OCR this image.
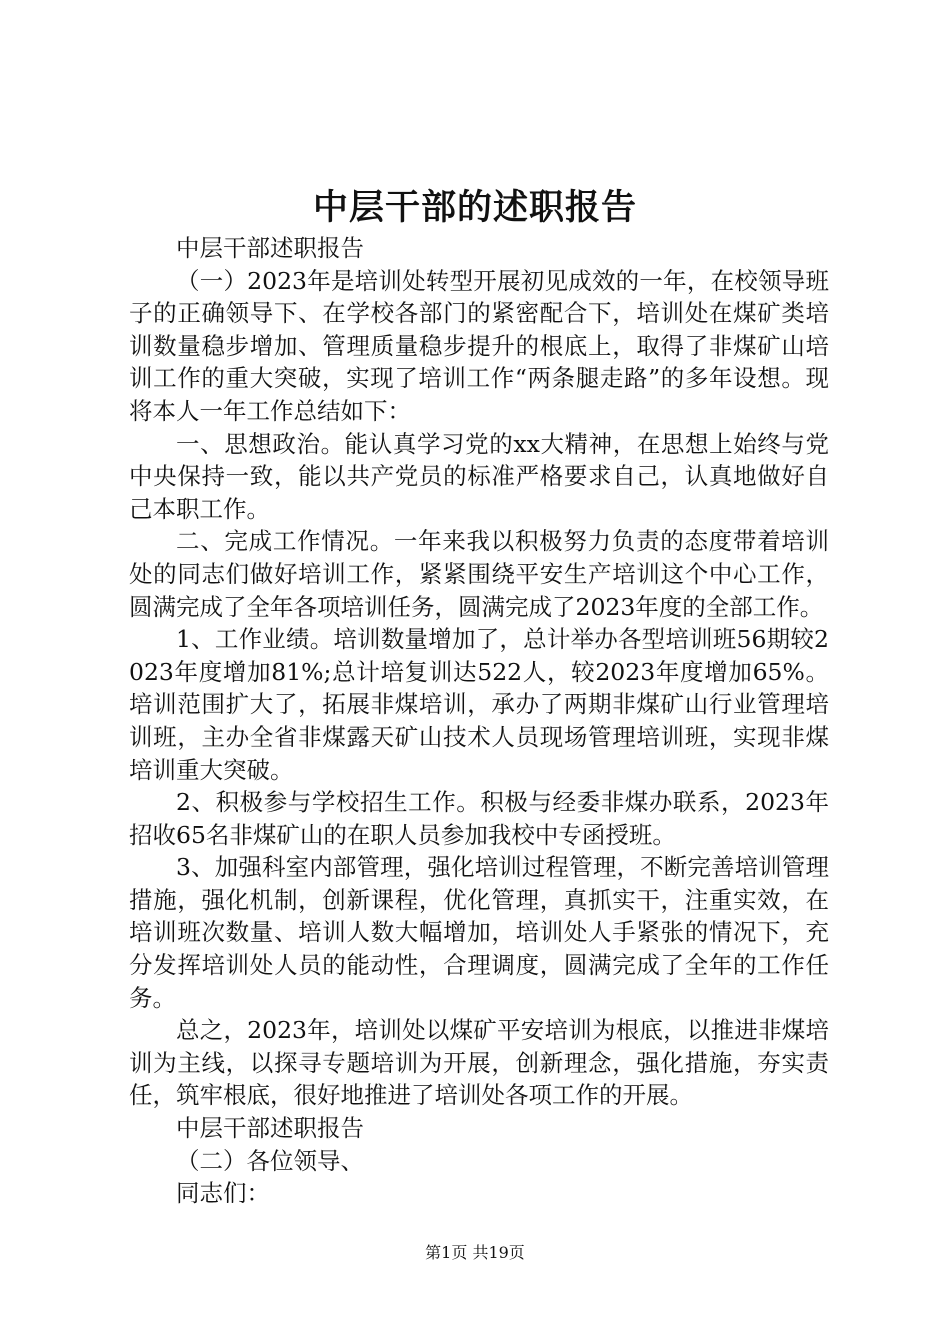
中层干部的述职报告

中层干部述职报告

（一）2023年是培训处转型开展初见成效的一年，在校领导班子的正确领导下、在学校各部门的紧密配合下，培训处在煤矿类培训数量稳步增加、管理质量稳步提升的根底上，取得了非煤矿山培训工作的重大突破，实现了培训工作“两条腿走路”的多年设想。现将本人一年工作总结如下：

一、思想政治。能认真学习党的xx大精神，在思想上始终与党中央保持一致，能以共产党员的标准严格要求自己，认真地做好自己本职工作。

二、完成工作情况。一年来我以积极努力负责的态度带着培训处的同志们做好培训工作，紧紧围绕平安生产培训这个中心工作，圆满完成了全年各项培训任务，圆满完成了2023年度的全部工作。

1、工作业绩。培训数量增加了，总计举办各型培训班56期较2023年度增加81%;总计培复训达522人，较2023年度增加65%。培训范围扩大了，拓展非煤培训，承办了两期非煤矿山行业管理培训班，主办全省非煤露天矿山技术人员现场管理培训班，实现非煤培训重大突破。

2、积极参与学校招生工作。积极与经委非煤办联系，2023年招收65名非煤矿山的在职人员参加我校中专函授班。

3、加强科室内部管理，强化培训过程管理，不断完善培训管理措施，强化机制，创新课程，优化管理，真抓实干，注重实效，在培训班次数量、培训人数大幅增加，培训处人手紧张的情况下，充分发挥培训处人员的能动性，合理调度，圆满完成了全年的工作任务。

总之，2023年，培训处以煤矿平安培训为根底，以推进非煤培训为主线，以探寻专题培训为开展，创新理念，强化措施，夯实责任，筑牢根底，很好地推进了培训处各项工作的开展。

中层干部述职报告

（二）各位领导、

同志们：

第1页 共19页
